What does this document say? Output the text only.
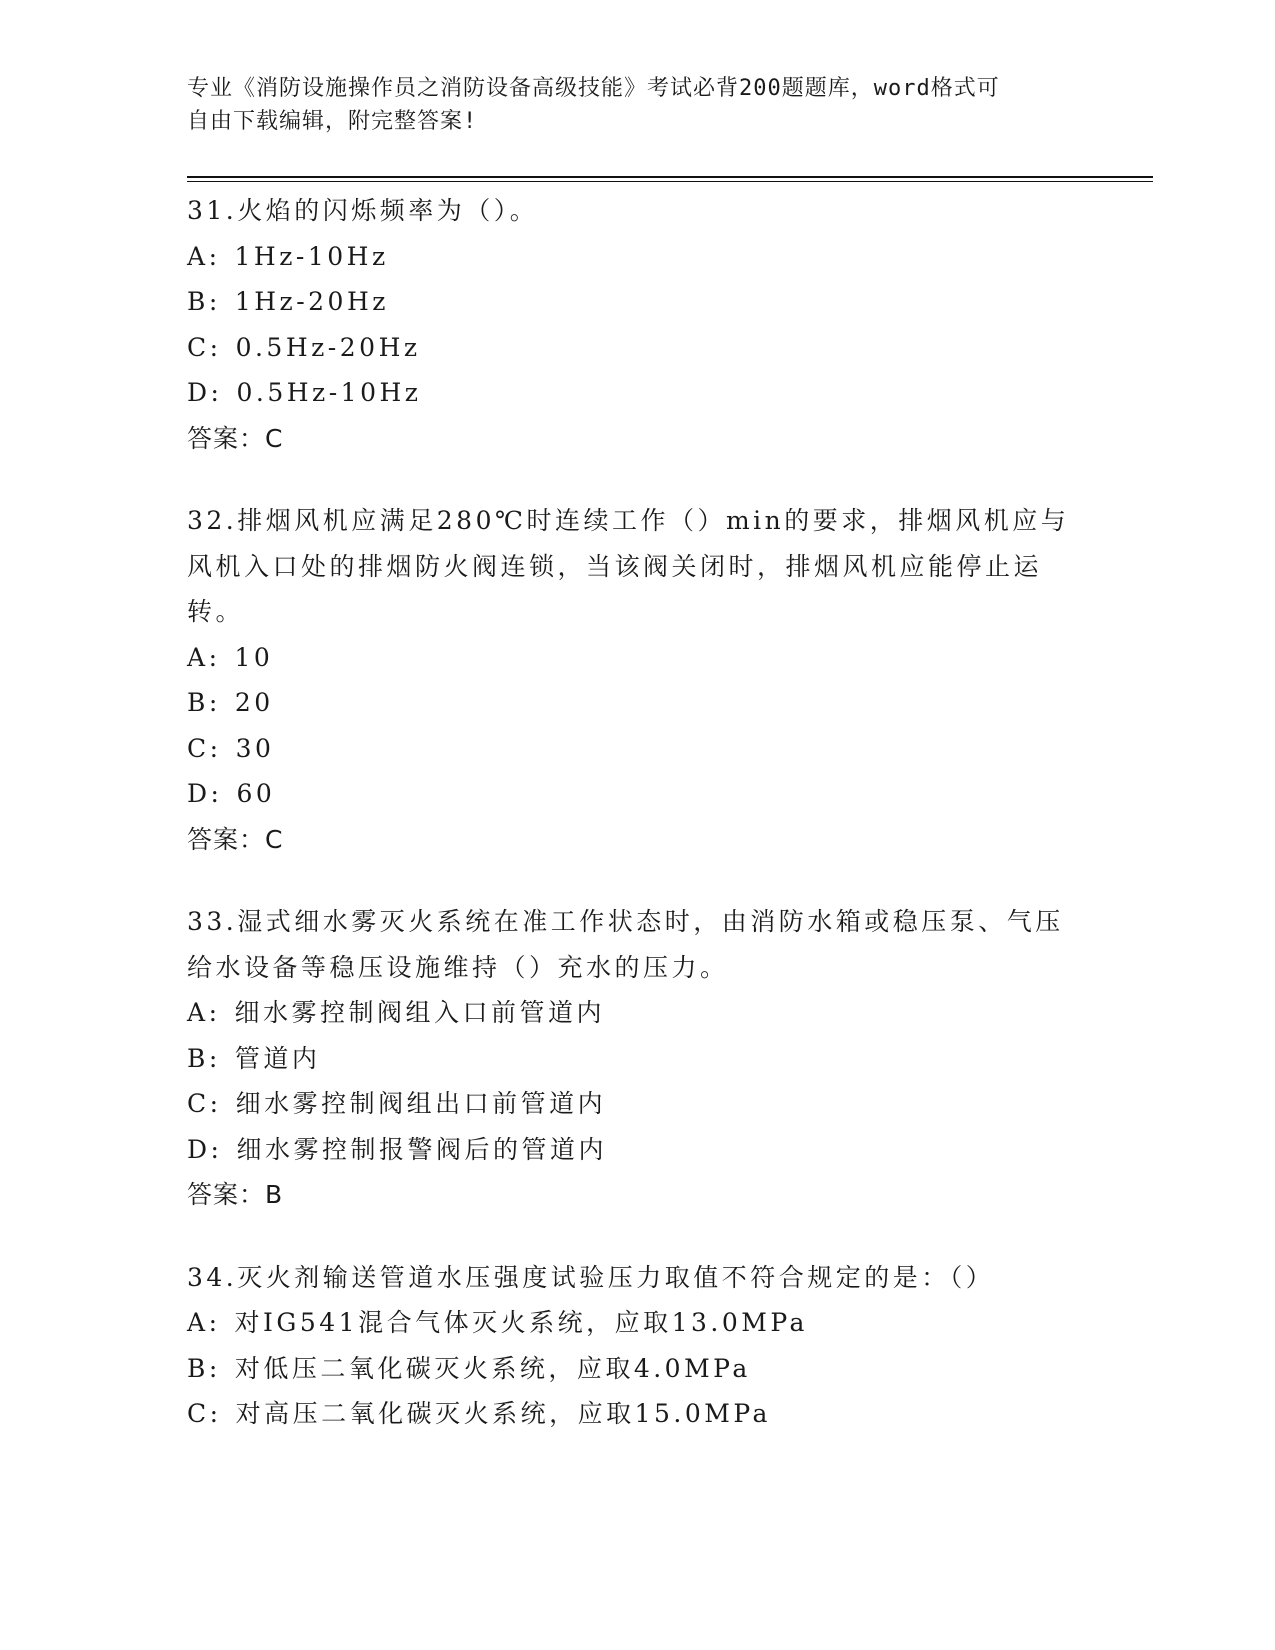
专业《消防设施操作员之消防设备高级技能》考试必背200题题库，word格式可
自由下载编辑，附完整答案!

31.火焰的闪烁频率为（）。

A: 1Hz-10Hz

B: 1Hz-20Hz

C: 0.5Hz-20Hz

D: 0.5Hz-10Hz

答案：C

32.排烟风机应满足280℃时连续工作（）min的要求，排烟风机应与风机入口处的排烟防火阀连锁，当该阀关闭时，排烟风机应能停止运转。

A: 10

B: 20

C: 30

D: 60

答案：C

33.湿式细水雾灭火系统在准工作状态时，由消防水箱或稳压泵、气压给水设备等稳压设施维持（）充水的压力。

A: 细水雾控制阀组入口前管道内

B: 管道内

C: 细水雾控制阀组出口前管道内

D: 细水雾控制报警阀后的管道内

答案：B

34.灭火剂输送管道水压强度试验压力取值不符合规定的是：（）

A: 对IG541混合气体灭火系统，应取13.0MPa

B: 对低压二氧化碳灭火系统，应取4.0MPa

C: 对高压二氧化碳灭火系统，应取15.0MPa
